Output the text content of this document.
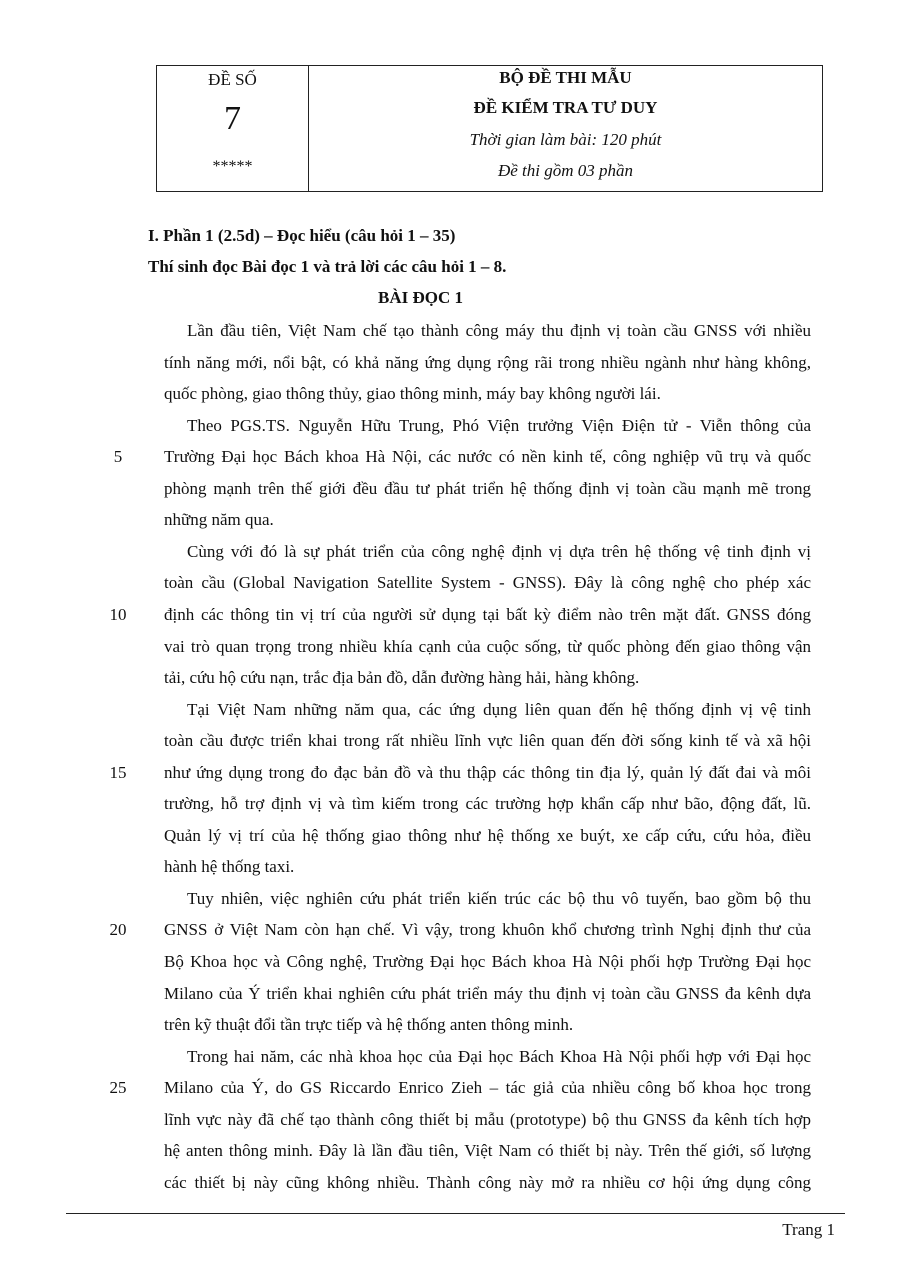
ĐỀ SỐ
7
*****
BỘ ĐỀ THI MẪU
ĐỀ KIỂM TRA TƯ DUY
Thời gian làm bài: 120 phút
Đề thi gồm 03 phần
I. Phần 1 (2.5d) – Đọc hiểu (câu hỏi 1 – 35)
Thí sinh đọc Bài đọc 1 và trả lời các câu hỏi 1 – 8.
BÀI ĐỌC 1
Lần đầu tiên, Việt Nam chế tạo thành công máy thu định vị toàn cầu GNSS với nhiều
tính năng mới, nổi bật, có khả năng ứng dụng rộng rãi trong nhiều ngành như hàng không,
quốc phòng, giao thông thủy, giao thông minh, máy bay không người lái.
Theo PGS.TS. Nguyễn Hữu Trung, Phó Viện trưởng Viện Điện tử - Viễn thông của
Trường Đại học Bách khoa Hà Nội, các nước có nền kinh tế, công nghiệp vũ trụ và quốc
5
phòng mạnh trên thế giới đều đầu tư phát triển hệ thống định vị toàn cầu mạnh mẽ trong
những năm qua.
Cùng với đó là sự phát triển của công nghệ định vị dựa trên hệ thống vệ tinh định vị
toàn cầu (Global Navigation Satellite System - GNSS). Đây là công nghệ cho phép xác
định các thông tin vị trí của người sử dụng tại bất kỳ điểm nào trên mặt đất. GNSS đóng
10
vai trò quan trọng trong nhiều khía cạnh của cuộc sống, từ quốc phòng đến giao thông vận
tải, cứu hộ cứu nạn, trắc địa bản đồ, dẫn đường hàng hải, hàng không.
Tại Việt Nam những năm qua, các ứng dụng liên quan đến hệ thống định vị vệ tinh
toàn cầu được triển khai trong rất nhiều lĩnh vực liên quan đến đời sống kinh tế và xã hội
như ứng dụng trong đo đạc bản đồ và thu thập các thông tin địa lý, quản lý đất đai và môi
15
trường, hỗ trợ định vị và tìm kiếm trong các trường hợp khẩn cấp như bão, động đất, lũ.
Quản lý vị trí của hệ thống giao thông như hệ thống xe buýt, xe cấp cứu, cứu hỏa, điều
hành hệ thống taxi.
Tuy nhiên, việc nghiên cứu phát triển kiến trúc các bộ thu vô tuyến, bao gồm bộ thu
GNSS ở Việt Nam còn hạn chế. Vì vậy, trong khuôn khổ chương trình Nghị định thư của
20
Bộ Khoa học và Công nghệ, Trường Đại học Bách khoa Hà Nội phối hợp Trường Đại học
Milano của Ý triển khai nghiên cứu phát triển máy thu định vị toàn cầu GNSS đa kênh dựa
trên kỹ thuật đổi tần trực tiếp và hệ thống anten thông minh.
Trong hai năm, các nhà khoa học của Đại học Bách Khoa Hà Nội phối hợp với Đại học
Milano của Ý, do GS Riccardo Enrico Zieh – tác giả của nhiều công bố khoa học trong
25
lĩnh vực này đã chế tạo thành công thiết bị mẫu (prototype) bộ thu GNSS đa kênh tích hợp
hệ anten thông minh. Đây là lần đầu tiên, Việt Nam có thiết bị này. Trên thế giới, số lượng
các thiết bị này cũng không nhiều. Thành công này mở ra nhiều cơ hội ứng dụng công
Trang 1
